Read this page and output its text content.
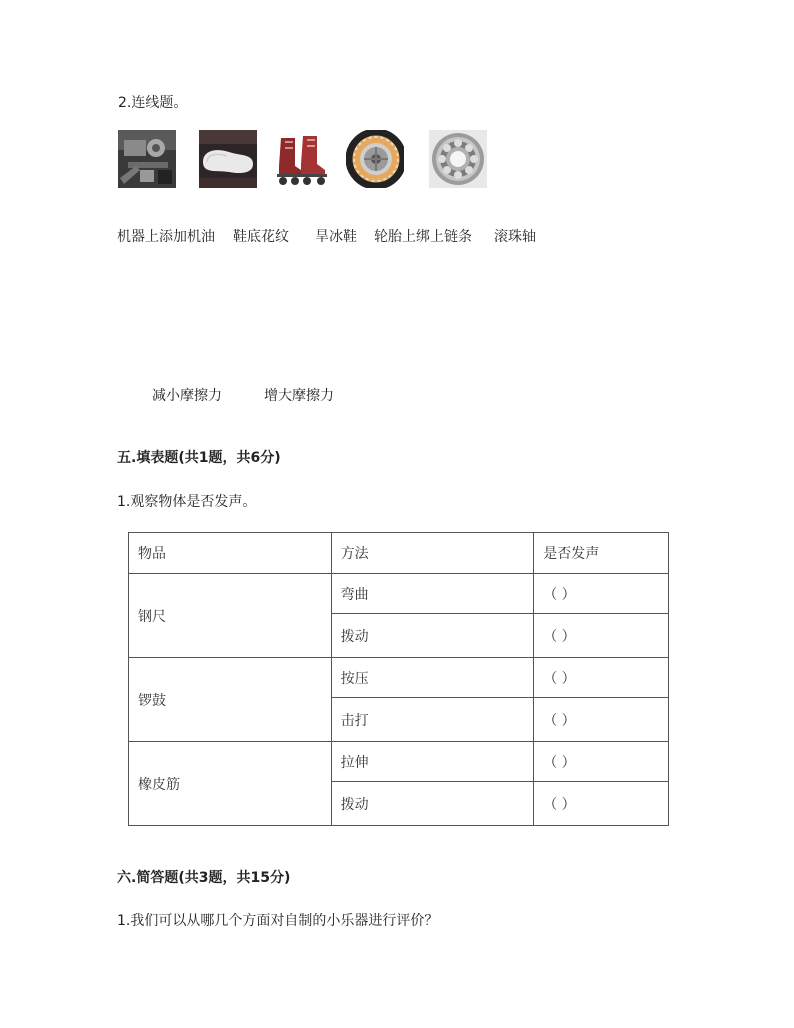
2.连线题。
机器上添加机油 鞋底花纹 旱冰鞋 轮胎上绑上链条 滚珠轴
减小摩擦力	增大摩擦力
五.填表题(共1题，共6分)
1.观察物体是否发声。
物品	方法	是否发声
钢尺	弯曲	（ ）
	拨动	（ ）
锣鼓	按压	（ ）
	击打	（ ）
橡皮筋	拉伸	（ ）
	拨动	（ ）
六.简答题(共3题，共15分)
1.我们可以从哪几个方面对自制的小乐器进行评价？
